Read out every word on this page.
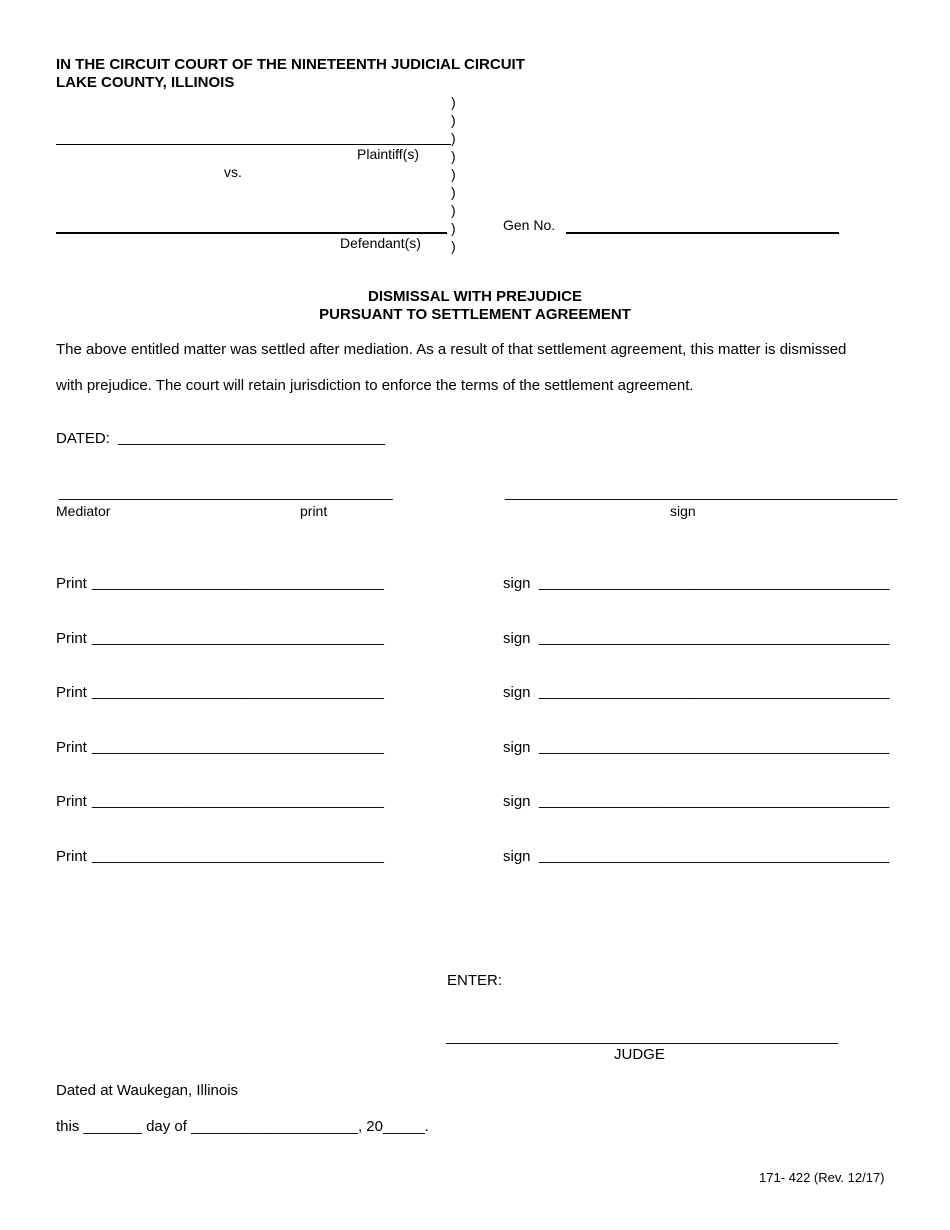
IN THE CIRCUIT COURT OF THE NINETEENTH JUDICIAL CIRCUIT
LAKE COUNTY, ILLINOIS
)
)
)
)
)
)
)
)
)
Plaintiff(s)
vs.
Defendant(s)
Gen No.
DISMISSAL WITH PREJUDICE
PURSUANT TO SETTLEMENT AGREEMENT
The above entitled matter was settled after mediation. As a result of that settlement agreement, this matter is dismissed
with prejudice. The court will retain jurisdiction to enforce the terms of the settlement agreement.
DATED: ________________________________
________________________________________	_______________________________________________
Mediator	print	sign
Print ___________________________________	sign __________________________________________
Print ___________________________________	sign __________________________________________
Print ___________________________________	sign __________________________________________
Print ___________________________________	sign __________________________________________
Print ___________________________________	sign __________________________________________
Print ___________________________________	sign __________________________________________
ENTER:
_______________________________________________
JUDGE
Dated at Waukegan, Illinois
this _______ day of ____________________, 20_____.
171- 422 (Rev. 12/17)
